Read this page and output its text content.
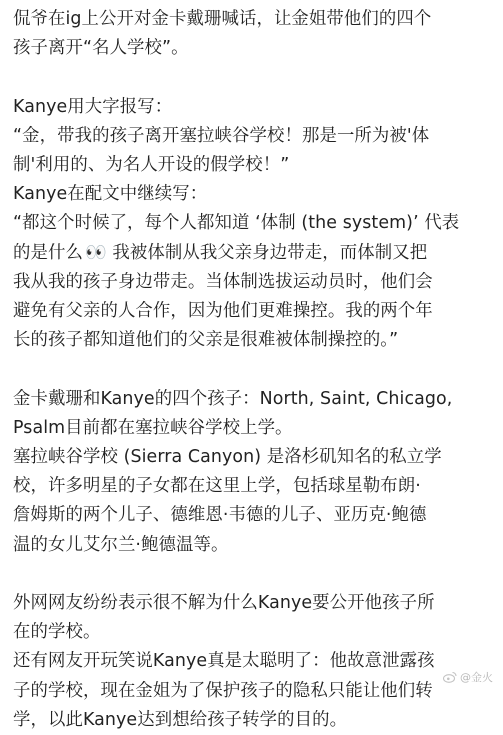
侃爷在ig上公开对金卡戴珊喊话，让金姐带他们的四个
孩子离开“名人学校”。
Kanye用大字报写：
“金，带我的孩子离开塞拉峡谷学校！那是一所为被'体
制'利用的、为名人开设的假学校！”
Kanye在配文中继续写：
“都这个时候了，每个人都知道 ‘体制 (the system)’ 代表
的是什么 👀 我被体制从我父亲身边带走，而体制又把
我从我的孩子身边带走。当体制选拔运动员时，他们会
避免有父亲的人合作，因为他们更难操控。我的两个年
长的孩子都知道他们的父亲是很难被体制操控的。”
金卡戴珊和Kanye的四个孩子：North, Saint, Chicago,
Psalm目前都在塞拉峡谷学校上学。
塞拉峡谷学校 (Sierra Canyon) 是洛杉矶知名的私立学
校，许多明星的子女都在这里上学，包括球星勒布朗·
詹姆斯的两个儿子、德维恩·韦德的儿子、亚历克·鲍德
温的女儿艾尔兰·鲍德温等。
外网网友纷纷表示很不解为什么Kanye要公开他孩子所
在的学校。
还有网友开玩笑说Kanye真是太聪明了：他故意泄露孩
子的学校，现在金姐为了保护孩子的隐私只能让他们转
学，以此Kanye达到想给孩子转学的目的。
@金火
